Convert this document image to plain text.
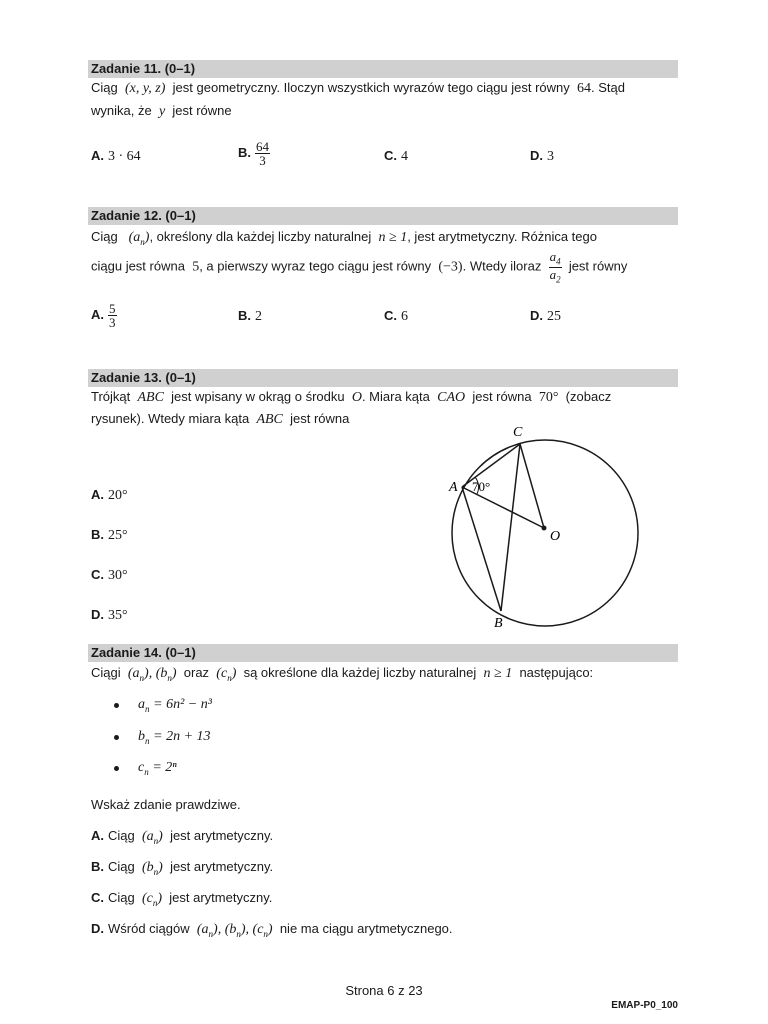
Zadanie 11. (0–1)
Ciąg (x, y, z) jest geometryczny. Iloczyn wszystkich wyrazów tego ciągu jest równy 64. Stąd
wynika, że y jest równe
A. 3 · 64	B. $\frac{64}{3}$	C. 4	D. 3
Zadanie 12. (0–1)
Ciąg $(a_n)$, określony dla każdej liczby naturalnej n ≥ 1, jest arytmetyczny. Różnica tego
ciągu jest równa 5, a pierwszy wyraz tego ciągu jest równy (−3). Wtedy iloraz $\frac{a_4}{a_2}$ jest równy
A. $\frac{5}{3}$	B. 2	C. 6	D. 25
Zadanie 13. (0–1)
Trójkąt ABC jest wpisany w okrąg o środku O. Miara kąta CAO jest równa 70° (zobacz
rysunek). Wtedy miara kąta ABC jest równa
A. 20°
B. 25°
C. 30°
D. 35°
C
A 70°
O
B
Zadanie 14. (0–1)
Ciągi $(a_n)$, $(b_n)$ oraz $(c_n)$ są określone dla każdej liczby naturalnej n ≥ 1 następująco:
$a_n = 6n^2 - n^3$
$b_n = 2n + 13$
$c_n = 2^n$
Wskaż zdanie prawdziwe.
A. Ciąg $(a_n)$ jest arytmetyczny.
B. Ciąg $(b_n)$ jest arytmetyczny.
C. Ciąg $(c_n)$ jest arytmetyczny.
D. Wśród ciągów $(a_n)$, $(b_n)$, $(c_n)$ nie ma ciągu arytmetycznego.
Strona 6 z 23
EMAP-P0_100
